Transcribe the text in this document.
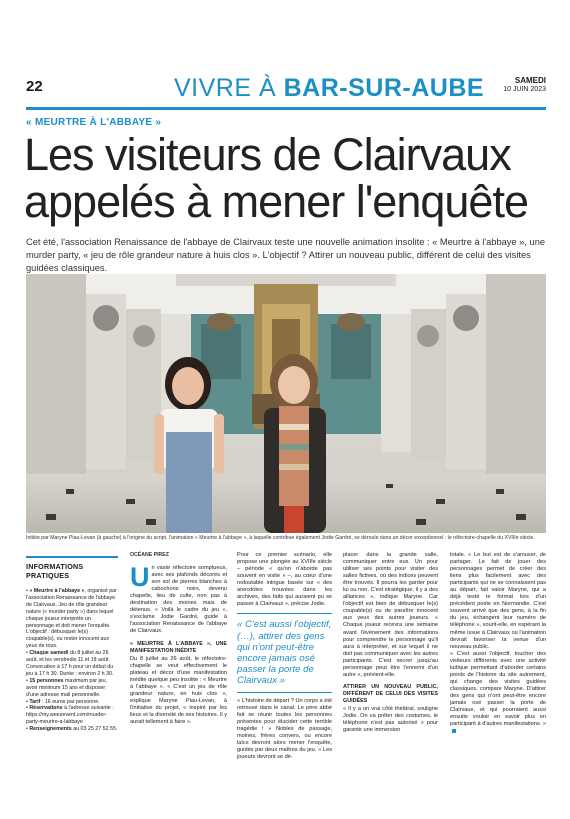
22	VIVRE À BAR-SUR-AUBE	SAMEDI
10 JUIN 2023
« MEURTRE À L'ABBAYE »
Les visiteurs de Clairvaux appelés à mener l'enquête

Cet été, l'association Renaissance de l'abbaye de Clairvaux teste une nouvelle animation insolite : « Meurtre à l'abbaye », une murder party, « jeu de rôle grandeur nature à huis clos ». L'objectif ? Attirer un nouveau public, différent de celui des visites guidées classiques.

Initiée par Maryne Piau-Levan (à gauche) à l'origine du script, l'animation « Meurtre à l'abbaye », à laquelle contribue également Jodie Gardré, se déroule dans un décor exceptionnel : le réfectoire-chapelle du XVIIIe siècle.
INFORMATIONS PRATIQUES

• « Meurtre à l'abbaye », organisé par l'association Renaissance de l'abbaye de Clairvaux. Jeu de rôle grandeur nature (« murder party ») dans lequel chaque joueur interprète un personnage et doit mener l'enquête. L'objectif : débusquer le(s) coupable(s), ou rester innocent aux yeux de tous.

• Chaque samedi du 8 juillet au 26 août, et les vendredis 11 et 18 août. Convocation à 17 h pour un début du jeu à 17 h 30. Durée : environ 2 h 30.

• 15 personnes maximum par jeu, avoir minimum 15 ans et disposer d'une adresse mail personnelle.

• Tarif : 16 euros par personne.

• Réservations à l'adresse suivante : https://my.weezevent.com/murder-party-meurtre-a-labbaye

• Renseignements au 03 25 27 52 55.

OCÉANE PIREZ
U n vaste réfectoire somptueux, avec ses plafonds décorés et son sol de pierres blanches à cabochons noirs, devenu chapelle, lieu de culte, non pas à destination des moines mais de détenus. « Voilà le cadre du jeu », s'exclame Jodie Gardré, guide à l'association Renaissance de l'abbaye de Clairvaux.

« MEURTRE À L'ABBAYE », UNE MANIFESTATION INÉDITE

Du 8 juillet au 26 août, le réfectoire-chapelle se veut effectivement le plateau et décor d'une manifestation inédite quelque peu insolite : « Meurtre à l'abbaye ». « C'est un jeu de rôle grandeur nature, en huis clos », explique Maryne Piau-Levan, à l'initiative du projet, « inspiré par les lieux et la diversité de ses histoires. Il y aurait tellement à faire ».

Pour ce premier scénario, elle propose une plongée au XVIIIe siècle – période « qu'on n'aborde pas souvent en visite » –, au cœur d'une redoutable intrigue basée sur « des anecdotes trouvées dans les archives, des faits qui auraient pu se passer à Clairvaux », précise Jodie.

« C'est aussi l'objectif, (…), attirer des gens qui n'ont peut-être encore jamais osé passer la porte de Clairvaux »

« L'histoire de départ ? Un corps a été retrouvé dans le canal. Le père abbé fait se réunir toutes les personnes présentes pour élucider cette terrible tragédie ! » Nobles de passage, moines, frères convers, ou encore laïcs devront alors mener l'enquête, guidés par deux maîtres du jeu. « Les joueurs devront se dé-

placer dans la grande salle, communiquer entre eux. Un pour utiliser ses points pour visiter des salles fictives, où des indices peuvent être trouvés. Il pourra les garder pour lui ou non. C'est stratégique, il y a des alliances », indique Maryne. Car l'objectif est bien de débusquer le(s) coupable(s) ou de paraître innocent aux yeux des autres joueurs. « Chaque joueur recevra une semaine avant l'événement des informations pour comprendre le personnage qu'il aura à interpréter, et sur lequel il ne doit pas communiquer avec les autres participants. C'est secret jusqu'au personnage peut être l'ennemi d'un autre », prévient-elle.

ATTIRER UN NOUVEAU PUBLIC, DIFFÉRENT DE CELUI DES VISITES GUIDÉES

« Il y a un vrai côté théâtral, souligne Jodie. On va prêter des costumes, le téléphone n'est pas autorisé » pour garantir une immersion

totale. « Le but est de s'amuser, de partager. Le fait de jouer des personnages permet de créer des liens plus facilement avec des participants qui ne se connaissent pas au départ, fait valoir Maryne, qui a déjà testé le format lors d'un précédent poste en Normandie. C'est souvent arrivé que des gens, à la fin du jeu, échangent leur numéro de téléphone », sourit-elle, en espérant la même issue à Clairvaux où l'animation devrait favoriser la venue d'un nouveau public.

« C'est aussi l'objectif, toucher des visiteurs différents avec une activité ludique permettant d'aborder certains points de l'histoire du site autrement, qui change des visites guidées classiques, compare Maryne. D'attirer des gens qui n'ont peut-être encore jamais osé passer la porte de Clairvaux, et qui pourraient aussi ensuite vouloir en savoir plus en participant à d'autres manifestations. »
